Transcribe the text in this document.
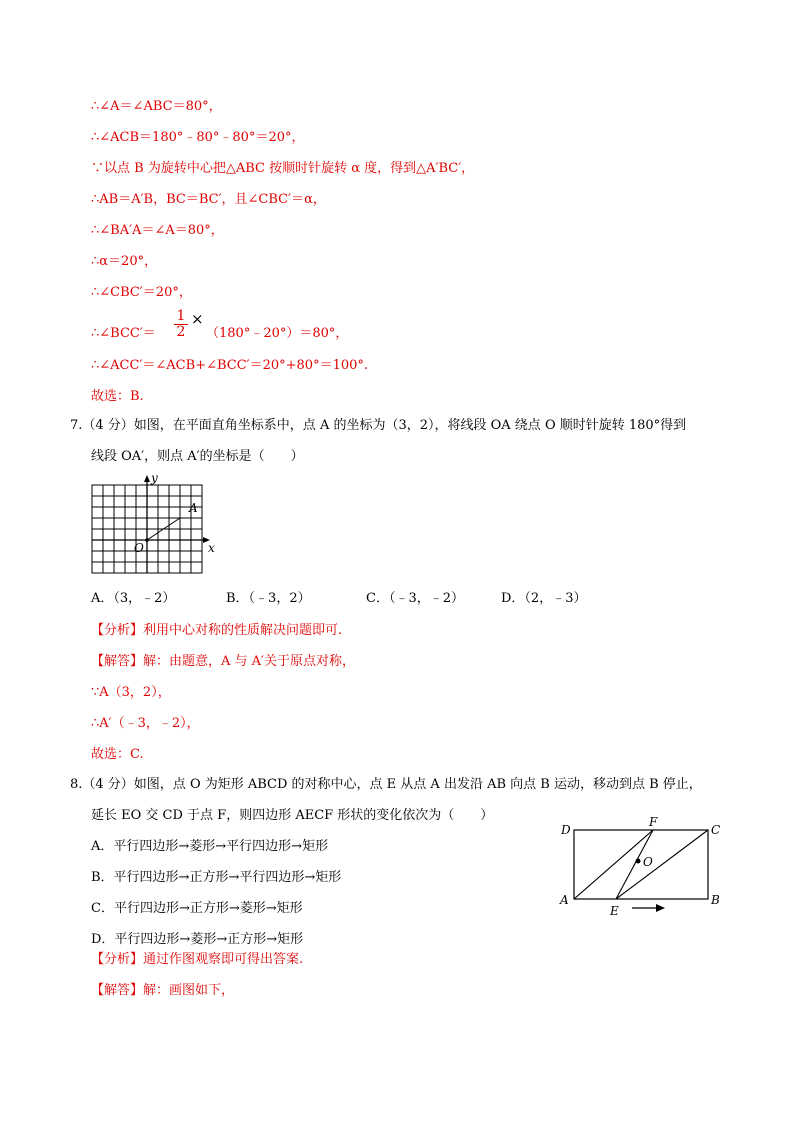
∴∠A＝∠ABC＝80°，
∴∠ACB＝180°﹣80°﹣80°＝20°，
∵以点 B 为旋转中心把△ABC 按顺时针旋转 α 度，得到△A′BC′，
∴AB＝A′B，BC＝BC′，且∠CBC′＝α，
∴∠BA′A＝∠A＝80°，
∴α＝20°，
∴∠CBC′＝20°，
∴∠BCC′＝ $\frac{1}{2}$ ×
（180°﹣20°）＝80°，
∴∠ACC′＝∠ACB+∠BCC′＝20°+80°＝100°.
故选：B.
7.（4 分）如图，在平面直角坐标系中，点 A 的坐标为（3，2），将线段 OA 绕点 O 顺时针旋转 180°得到
线段 OA′，则点 A′的坐标是（　　）
y
x
O
A
A．（3，﹣2）	B．（﹣3，2）	C．（﹣3，﹣2）	D．（2，﹣3）
【分析】利用中心对称的性质解决问题即可.
【解答】解：由题意，A 与 A′关于原点对称，
∵A（3，2），
∴A′（﹣3，﹣2），
故选：C.
8.（4 分）如图，点 O 为矩形 ABCD 的对称中心，点 E 从点 A 出发沿 AB 向点 B 运动，移动到点 B 停止，
延长 EO 交 CD 于点 F，则四边形 AECF 形状的变化依次为（　　）
A．平行四边形→菱形→平行四边形→矩形
B．平行四边形→正方形→平行四边形→矩形
C．平行四边形→正方形→菱形→矩形
D．平行四边形→菱形→正方形→矩形
D
F
C
O
A
E
B
【分析】通过作图观察即可得出答案.
【解答】解：画图如下，
